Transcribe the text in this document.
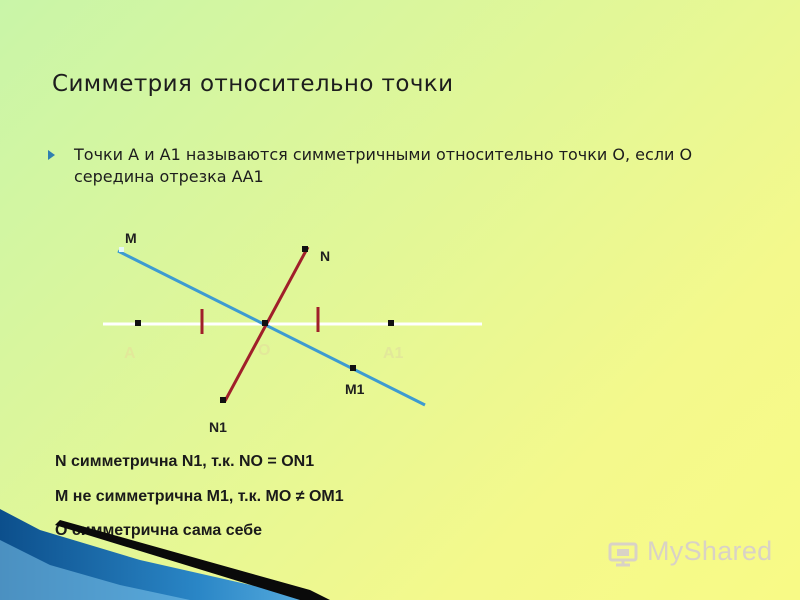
Симметрия относительно точки
Точки А и А1 называются симметричными относительно точки О, если О середина отрезка АА1
M
N
A	O	A1
M1
N1
N симметрична N1, т.к. NO = ON1
M не симметрична M1, т.к. MO ≠ OM1
O симметрична сама себе
MyShared
